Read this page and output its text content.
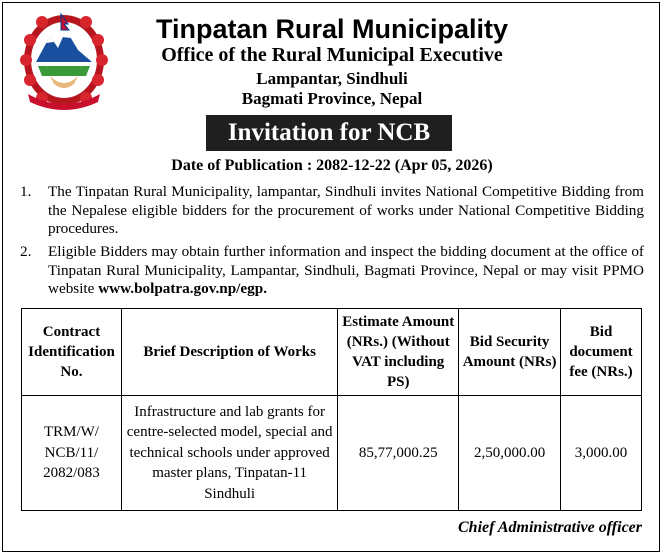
Tinpatan Rural Municipality
Office of the Rural Municipal Executive
Lampantar, Sindhuli
Bagmati Province, Nepal
Invitation for NCB
Date of Publication : 2082-12-22 (Apr 05, 2026)
1. The Tinpatan Rural Municipality, lampantar, Sindhuli invites National Competitive Bidding from the Nepalese eligible bidders for the procurement of works under National Competitive Bidding procedures.
2. Eligible Bidders may obtain further information and inspect the bidding document at the office of Tinpatan Rural Municipality, Lampantar, Sindhuli, Bagmati Province, Nepal or may visit PPMO website www.bolpatra.gov.np/egp.
Contract Identification No.	Brief Description of Works	Estimate Amount (NRs.) (Without VAT including PS)	Bid Security Amount (NRs)	Bid document fee (NRs.)
TRM/W/ NCB/11/ 2082/083	Infrastructure and lab grants for centre-selected model, special and technical schools under approved master plans, Tinpatan-11 Sindhuli	85,77,000.25	2,50,000.00	3,000.00
Chief Administrative officer
